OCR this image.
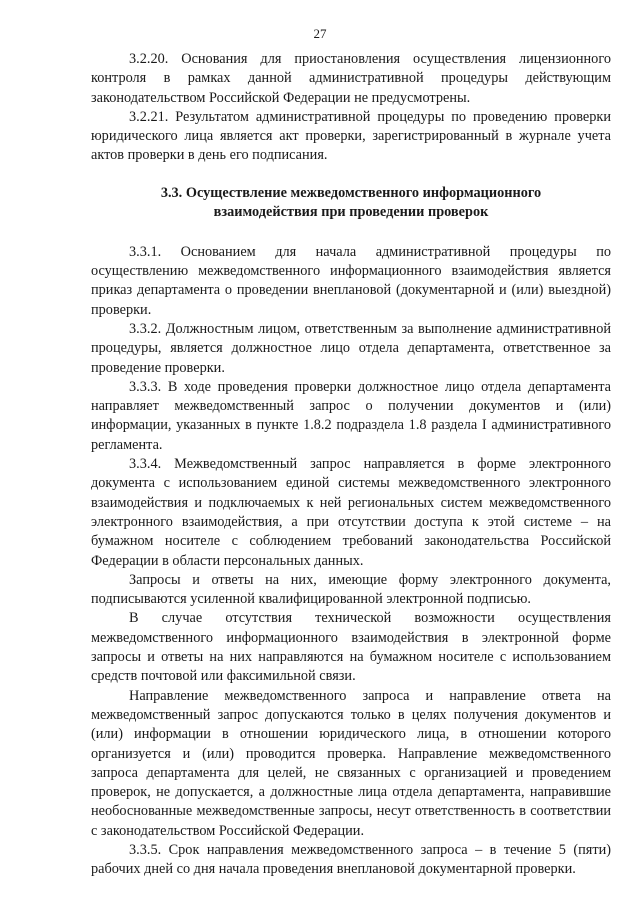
27

3.2.20. Основания для приостановления осуществления лицензионного контроля в рамках данной административной процедуры действующим законодательством Российской Федерации не предусмотрены.

3.2.21. Результатом административной процедуры по проведению проверки юридического лица является акт проверки, зарегистрированный в журнале учета актов проверки в день его подписания.

3.3. Осуществление межведомственного информационного
взаимодействия при проведении проверок

3.3.1. Основанием для начала административной процедуры по осуществлению межведомственного информационного взаимодействия является приказ департамента о проведении внеплановой (документарной и (или) выездной) проверки.

3.3.2. Должностным лицом, ответственным за выполнение административной процедуры, является должностное лицо отдела департамента, ответственное за проведение проверки.

3.3.3. В ходе проведения проверки должностное лицо отдела департамента направляет межведомственный запрос о получении документов и (или) информации, указанных в пункте 1.8.2 подраздела 1.8 раздела I административного регламента.

3.3.4. Межведомственный запрос направляется в форме электронного документа с использованием единой системы межведомственного электронного взаимодействия и подключаемых к ней региональных систем межведомственного электронного взаимодействия, а при отсутствии доступа к этой системе – на бумажном носителе с соблюдением требований законодательства Российской Федерации в области персональных данных.

Запросы и ответы на них, имеющие форму электронного документа, подписываются усиленной квалифицированной электронной подписью.

В случае отсутствия технической возможности осуществления межведомственного информационного взаимодействия в электронной форме запросы и ответы на них направляются на бумажном носителе с использованием средств почтовой или факсимильной связи.

Направление межведомственного запроса и направление ответа на межведомственный запрос допускаются только в целях получения документов и (или) информации в отношении юридического лица, в отношении которого организуется и (или) проводится проверка. Направление межведомственного запроса департамента для целей, не связанных с организацией и проведением проверок, не допускается, а должностные лица отдела департамента, направившие необоснованные межведомственные запросы, несут ответственность в соответствии с законодательством Российской Федерации.

3.3.5. Срок направления межведомственного запроса – в течение 5 (пяти) рабочих дней со дня начала проведения внеплановой документарной проверки.
